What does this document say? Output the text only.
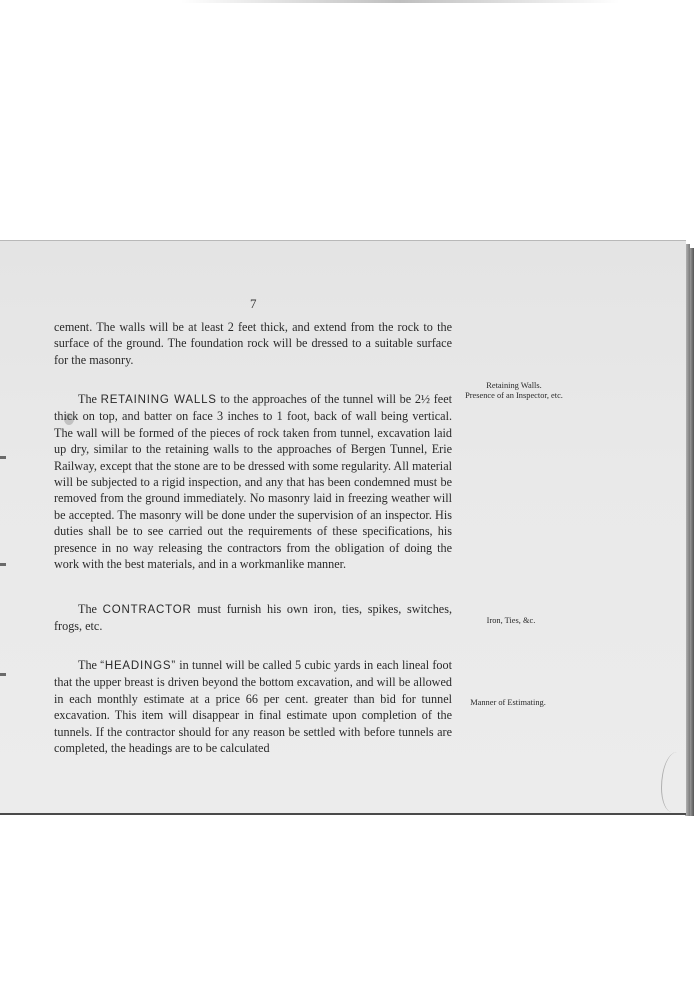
7

cement. The walls will be at least 2 feet thick, and extend from the rock to the surface of the ground. The foundation rock will be dressed to a suitable surface for the masonry.

The RETAINING WALLS to the approaches of the tunnel will be 2½ feet thick on top, and batter on face 3 inches to 1 foot, back of wall being vertical. The wall will be formed of the pieces of rock taken from tunnel, excavation laid up dry, similar to the retaining walls to the approaches of Bergen Tunnel, Erie Railway, except that the stone are to be dressed with some regularity. All material will be subjected to a rigid inspection, and any that has been condemned must be removed from the ground immediately. No masonry laid in freezing weather will be accepted. The masonry will be done under the supervision of an inspector. His duties shall be to see carried out the requirements of these specifications, his presence in no way releasing the contractors from the obligation of doing the work with the best materials, and in a workmanlike manner.

The CONTRACTOR must furnish his own iron, ties, spikes, switches, frogs, etc.

The “HEADINGS” in tunnel will be called 5 cubic yards in each lineal foot that the upper breast is driven beyond the bottom excavation, and will be allowed in each monthly estimate at a price 66 per cent. greater than bid for tunnel excavation. This item will disappear in final estimate upon completion of the tunnels. If the contractor should for any reason be settled with before tunnels are completed, the headings are to be calculated

Retaining Walls.
Presence of an Inspector, etc.
Iron, Ties, &c.
Manner of Estimating.
